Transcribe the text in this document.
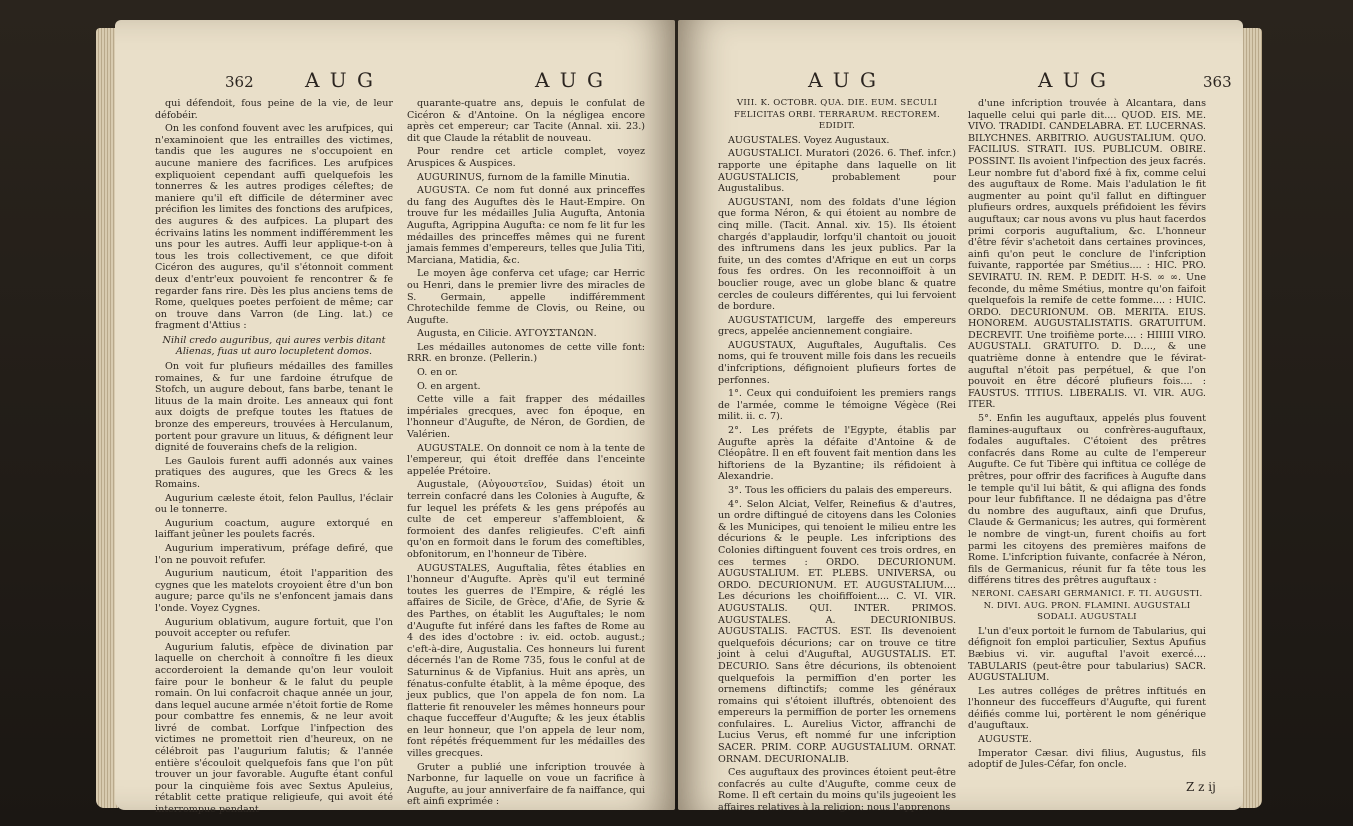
362	A U G	A U G

qui défendoit, fous peine de la vie, de leur défobéir.

On les confond fouvent avec les arufpices, qui n'examinoient que les entrailles des victimes, tandis que les augures ne s'occupoient en aucune maniere des facrifices. Les arufpices expliquoient cependant auffi quelquefois les tonnerres & les autres prodiges céleftes; de maniere qu'il eft difficile de déterminer avec précifion les limites des fonctions des arufpices, des augures & des aufpices. La plupart des écrivains latins les nomment indifféremment les uns pour les autres. Auffi leur applique-t-on à tous les trois collectivement, ce que difoit Cicéron des augures, qu'il s'étonnoit comment deux d'entr'eux pouvoient fe rencontrer & fe regarder fans rire. Dès les plus anciens tems de Rome, quelques poetes perfoient de même; car on trouve dans Varron (de Ling. lat.) ce fragment d'Attius :

Nihil credo auguribus, qui aures verbis ditant Alienas, fuas ut auro locupletent domos.

On voit fur plufieurs médailles des familles romaines, & fur une fardoine étrufque de Stofch, un augure debout, fans barbe, tenant le lituus de la main droite. Les anneaux qui font aux doigts de prefque toutes les ftatues de bronze des empereurs, trouvées à Herculanum, portent pour gravure un lituus, & défignent leur dignité de fouverains chefs de la religion.

Les Gaulois furent auffi adonnés aux vaines pratiques des augures, que les Grecs & les Romains.

Augurium cæleste étoit, felon Paullus, l'éclair ou le tonnerre.

Augurium coactum, augure extorqué en laiffant jeûner les poulets facrés.

Augurium imperativum, préfage defiré, que l'on ne pouvoit refufer.

Augurium nauticum, étoit l'apparition des cygnes que les matelots croyoient être d'un bon augure; parce qu'ils ne s'enfoncent jamais dans l'onde. Voyez Cygnes.

Augurium oblativum, augure fortuit, que l'on pouvoit accepter ou refufer.

Augurium falutis, efpèce de divination par laquelle on cherchoit à connoître fi les dieux accorderoient la demande qu'on leur vouloit faire pour le bonheur & le falut du peuple romain. On lui confacroit chaque année un jour, dans lequel aucune armée n'étoit fortie de Rome pour combattre fes ennemis, & ne leur avoit livré de combat. Lorfque l'infpection des victimes ne promettoit rien d'heureux, on ne célébroit pas l'augurium falutis; & l'année entière s'écouloit quelquefois fans que l'on pût trouver un jour favorable. Augufte étant conful pour la cinquième fois avec Sextus Apuleius, rétablit cette pratique religieufe, qui avoit été interrompue pendant

quarante-quatre ans, depuis le confulat de Cicéron & d'Antoine. On la négligea encore après cet empereur; car Tacite (Annal. xii. 23.) dit que Claude la rétablit de nouveau.

Pour rendre cet article complet, voyez Aruspices & Auspices.

AUGURINUS, furnom de la famille Minutia.

AUGUSTA. Ce nom fut donné aux princeffes du fang des Auguftes dès le Haut-Empire. On trouve fur les médailles Julia Augufta, Antonia Augufta, Agrippina Augufta: ce nom fe lit fur les médailles des princeffes mêmes qui ne furent jamais femmes d'empereurs, telles que Julia Titi, Marciana, Matidia, &c.

Le moyen âge conferva cet ufage; car Herric ou Henri, dans le premier livre des miracles de S. Germain, appelle indifféremment Chrotechilde femme de Clovis, ou Reine, ou Augufte.

Augusta, en Cilicie. ΑΥΓΟΥΣΤΑΝΩΝ.

Les médailles autonomes de cette ville font: RRR. en bronze. (Pellerin.)

O. en or.

O. en argent.

Cette ville a fait frapper des médailles impériales grecques, avec fon époque, en l'honneur d'Augufte, de Néron, de Gordien, de Valérien.

AUGUSTALE. On donnoit ce nom à la tente de l'empereur, qui étoit dreffée dans l'enceinte appelée Prétoire.

Augustale, (Αὐγουστεῖον, Suidas) étoit un terrein confacré dans les Colonies à Augufte, & fur lequel les préfets & les gens prépofés au culte de cet empereur s'affembloient, & formoient des danfes religieufes. C'eft ainfi qu'on en formoit dans le forum des comeftibles, obfonitorum, en l'honneur de Tibère.

AUGUSTALES, Auguftalia, fêtes établies en l'honneur d'Augufte. Après qu'il eut terminé toutes les guerres de l'Empire, & réglé les affaires de Sicile, de Grèce, d'Afie, de Syrie & des Parthes, on établit les Auguftales; le nom d'Augufte fut inféré dans les faftes de Rome au 4 des ides d'octobre : iv. eid. octob. august.; c'eft-à-dire, Augustalia. Ces honneurs lui furent décernés l'an de Rome 735, fous le conful at de Saturninus & de Vipfanius. Huit ans après, un fénatus-confulte établit, à la même époque, des jeux publics, que l'on appela de fon nom. La flatterie fit renouveler les mêmes honneurs pour chaque fucceffeur d'Augufte; & les jeux établis en leur honneur, que l'on appela de leur nom, font répétés fréquemment fur les médailles des villes grecques.

Gruter a publié une infcription trouvée à Narbonne, fur laquelle on voue un facrifice à Augufte, au jour anniverfaire de fa naiffance, qui eft ainfi exprimée :

A U G	A U G	363

VIII. K. OCTOBR. QUA. DIE. EUM. SECULI FELICITAS ORBI. TERRARUM. RECTOREM. EDIDIT.

AUGUSTALES. Voyez Augustaux.

AUGUSTALICI. Muratori (2026. 6. Thef. infcr.) rapporte une épitaphe dans laquelle on lit AUGUSTALICIS, probablement pour Augustalibus.

AUGUSTANI, nom des foldats d'une légion que forma Néron, & qui étoient au nombre de cinq mille. (Tacit. Annal. xiv. 15). Ils étoient chargés d'applaudir, lorfqu'il chantoit ou jouoit des inftrumens dans les jeux publics. Par la fuite, un des comtes d'Afrique en eut un corps fous fes ordres. On les reconnoiffoit à un bouclier rouge, avec un globe blanc & quatre cercles de couleurs différentes, qui lui fervoient de bordure.

AUGUSTATICUM, largeffe des empereurs grecs, appelée anciennement congiaire.

AUGUSTAUX, Auguftales, Auguftalis. Ces noms, qui fe trouvent mille fois dans les recueils d'infcriptions, défignoient plufieurs fortes de perfonnes.

1°. Ceux qui conduifoient les premiers rangs de l'armée, comme le témoigne Végèce (Rei milit. ii. c. 7).

2°. Les préfets de l'Egypte, établis par Augufte après la défaite d'Antoine & de Cléopâtre. Il en eft fouvent fait mention dans les hiftoriens de la Byzantine; ils réfidoient à Alexandrie.

3°. Tous les officiers du palais des empereurs.

4°. Selon Alciat, Velfer, Reinefius & d'autres, un ordre diftingué de citoyens dans les Colonies & les Municipes, qui tenoient le milieu entre les décurions & le peuple. Les infcriptions des Colonies diftinguent fouvent ces trois ordres, en ces termes : ORDO. DECURIONUM. AUGUSTALIUM. ET. PLEBS. UNIVERSA, ou ORDO. DECURIONUM. ET. AUGUSTALIUM.... Les décurions les choififfoient.... C. VI. VIR. AUGUSTALIS. QUI. INTER. PRIMOS. AUGUSTALES. A. DECURIONIBUS. AUGUSTALIS. FACTUS. EST. Ils devenoient quelquefois décurions; car on trouve ce titre joint à celui d'Auguftal, AUGUSTALIS. ET. DECURIO. Sans être décurions, ils obtenoient quelquefois la permiffion d'en porter les ornemens diftinctifs; comme les généraux romains qui s'étoient illuftrés, obtenoient des empereurs la permiffion de porter les ornemens confulaires. L. Aurelius Victor, affranchi de Lucius Verus, eft nommé fur une infcription SACER. PRIM. CORP. AUGUSTALIUM. ORNAT. ORNAM. DECURIONALIB.

Ces auguftaux des provinces étoient peut-être confacrés au culte d'Augufte, comme ceux de Rome. Il eft certain du moins qu'ils jugeoient les affaires relatives à la religion; nous l'apprenons

d'une infcription trouvée à Alcantara, dans laquelle celui qui parle dit.... QUOD. EIS. ME. VIVO. TRADIDI. CANDELABRA. ET. LUCERNAS. BILYCHNES. ARBITRIO. AUGUSTALIUM. QUO. FACILIUS. STRATI. IUS. PUBLICUM. OBIRE. POSSINT. Ils avoient l'infpection des jeux facrés. Leur nombre fut d'abord fixé à fix, comme celui des auguftaux de Rome. Mais l'adulation le fit augmenter au point qu'il fallut en diftinguer plufieurs ordres, auxquels préfidoient les févirs auguftaux; car nous avons vu plus haut facerdos primi corporis auguftalium, &c. L'honneur d'être févir s'achetoit dans certaines provinces, ainfi qu'on peut le conclure de l'infcription fuivante, rapportée par Smétius.... : HIC. PRO. SEVIRATU. IN. REM. P. DEDIT. H-S. ∞ ∞. Une feconde, du même Smétius, montre qu'on faifoit quelquefois la remife de cette fomme.... : HUIC. ORDO. DECURIONUM. OB. MERITA. EIUS. HONOREM. AUGUSTALISTATIS. GRATUITUM. DECREVIT. Une troifième porte.... : HIIIII VIRO. AUGUSTALI. GRATUITO. D. D...., & une quatrième donne à entendre que le févirat-auguftal n'étoit pas perpétuel, & que l'on pouvoit en être décoré plufieurs fois.... : FAUSTUS. TITIUS. LIBERALIS. VI. VIR. AUG. ITER.

5°. Enfin les auguftaux, appelés plus fouvent flamines-auguftaux ou confrères-auguftaux, fodales auguftales. C'étoient des prêtres confacrés dans Rome au culte de l'empereur Augufte. Ce fut Tibère qui inftitua ce collége de prêtres, pour offrir des facrifices à Augufte dans le temple qu'il lui bâtit, & qui afligna des fonds pour leur fubfiftance. Il ne dédaigna pas d'être du nombre des auguftaux, ainfi que Drufus, Claude & Germanicus; les autres, qui formèrent le nombre de vingt-un, furent choifis au fort parmi les citoyens des premières maifons de Rome. L'infcription fuivante, confacrée à Néron, fils de Germanicus, réunit fur fa tête tous les différens titres des prêtres auguftaux :

NERONI. CAESARI GERMANICI. F. TI. AUGUSTI. N. DIVI. AUG. PRON. FLAMINI. AUGUSTALI SODALI. AUGUSTALI

L'un d'eux portoit le furnom de Tabularius, qui défignoit fon emploi particulier, Sextus Apufius Bæbius vi. vir. auguftal l'avoit exercé.... TABULARIS (peut-être pour tabularius) SACR. AUGUSTALIUM.

Les autres colléges de prêtres inftitués en l'honneur des fucceffeurs d'Augufte, qui furent déifiés comme lui, portèrent le nom générique d'auguftaux.

AUGUSTE.

Imperator Cæsar. divi filius, Augustus, fils adoptif de Jules-Céfar, fon oncle.

Z z ij
